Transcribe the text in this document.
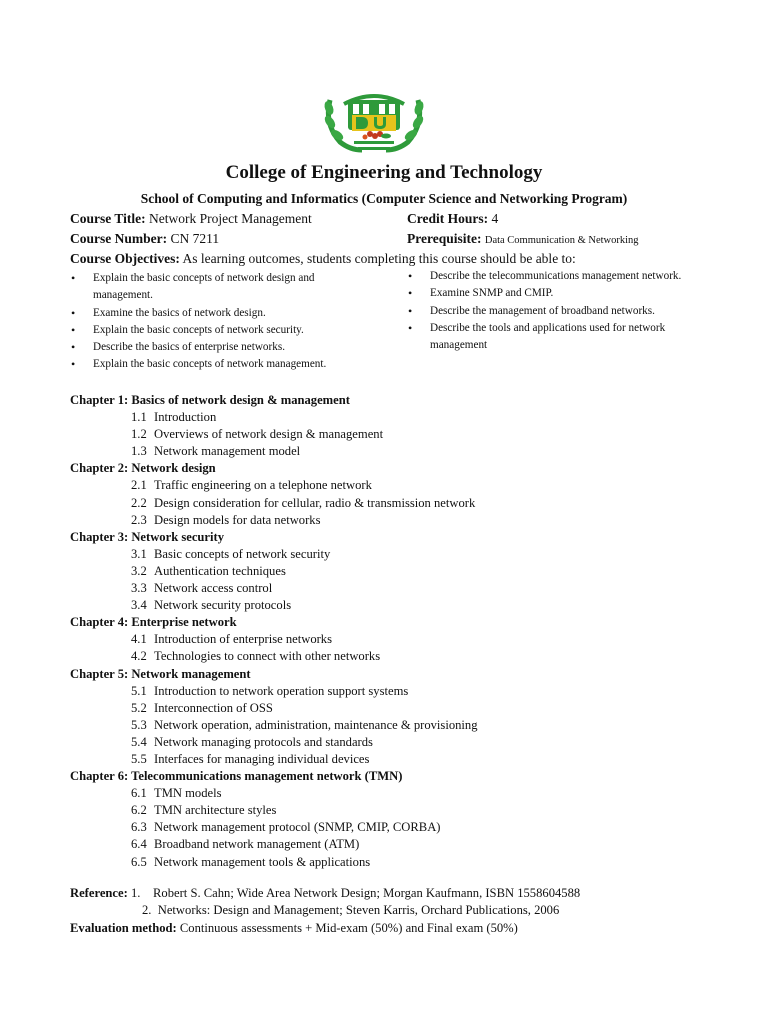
College of Engineering and Technology
School of Computing and Informatics (Computer Science and Networking Program)
Course Title: Network Project Management	Credit Hours: 4
Course Number: CN 7211	Prerequisite: Data Communication & Networking
Course Objectives: As learning outcomes, students completing this course should be able to:
• Explain the basic concepts of network design and management.
• Examine the basics of network design.
• Explain the basic concepts of network security.
• Describe the basics of enterprise networks.
• Explain the basic concepts of network management.
• Describe the telecommunications management network.
• Examine SNMP and CMIP.
• Describe the management of broadband networks.
• Describe the tools and applications used for network management
Chapter 1: Basics of network design & management
1.1 Introduction
1.2 Overviews of network design & management
1.3 Network management model
Chapter 2: Network design
2.1 Traffic engineering on a telephone network
2.2 Design consideration for cellular, radio & transmission network
2.3 Design models for data networks
Chapter 3: Network security
3.1 Basic concepts of network security
3.2 Authentication techniques
3.3 Network access control
3.4 Network security protocols
Chapter 4: Enterprise network
4.1 Introduction of enterprise networks
4.2 Technologies to connect with other networks
Chapter 5: Network management
5.1 Introduction to network operation support systems
5.2 Interconnection of OSS
5.3 Network operation, administration, maintenance & provisioning
5.4 Network managing protocols and standards
5.5 Interfaces for managing individual devices
Chapter 6: Telecommunications management network (TMN)
6.1 TMN models
6.2 TMN architecture styles
6.3 Network management protocol (SNMP, CMIP, CORBA)
6.4 Broadband network management (ATM)
6.5 Network management tools & applications
Reference: 1. Robert S. Cahn; Wide Area Network Design; Morgan Kaufmann, ISBN 1558604588
2. Networks: Design and Management; Steven Karris, Orchard Publications, 2006
Evaluation method: Continuous assessments + Mid-exam (50%) and Final exam (50%)
